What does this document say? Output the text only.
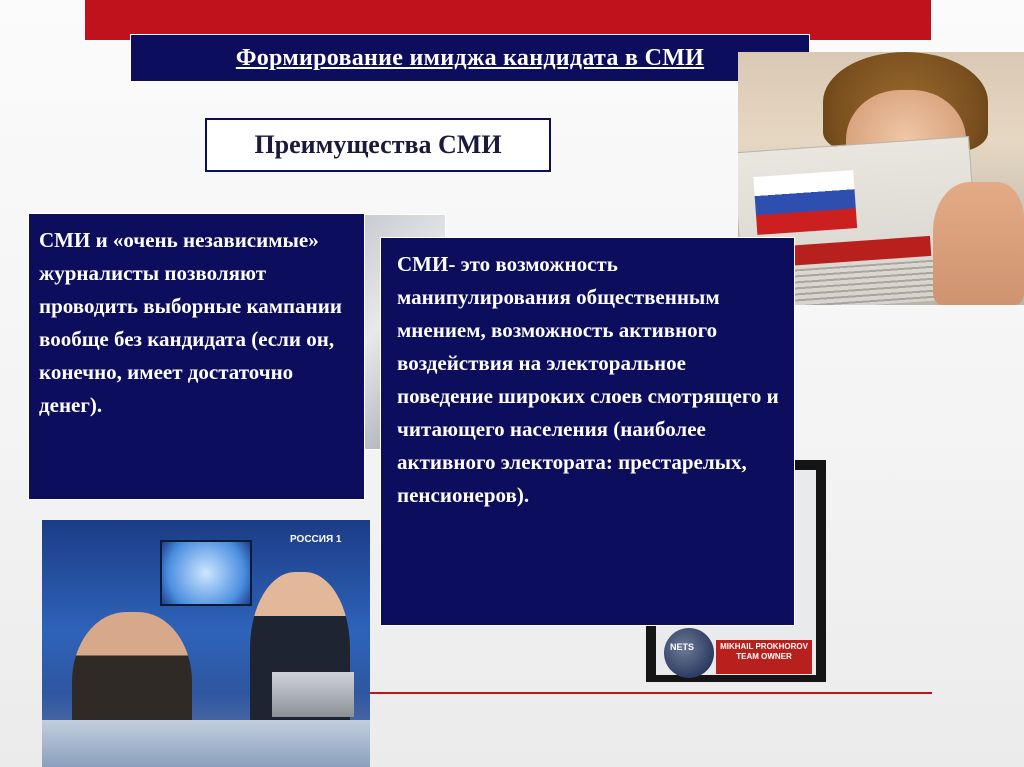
Формирование имиджа кандидата в СМИ
Преимущества СМИ
СМИ и «очень независимые» журналисты позволяют проводить выборные кампании вообще без кандидата (если он, конечно, имеет достаточно денег).
РОССИЯ 1
NETS	MIKHAIL PROKHOROV TEAM OWNER
СМИ- это возможность манипулирования общественным мнением, возможность активного воздействия на электоральное поведение широких слоев смотрящего и читающего населения (наиболее активного электората: престарелых, пенсионеров).
